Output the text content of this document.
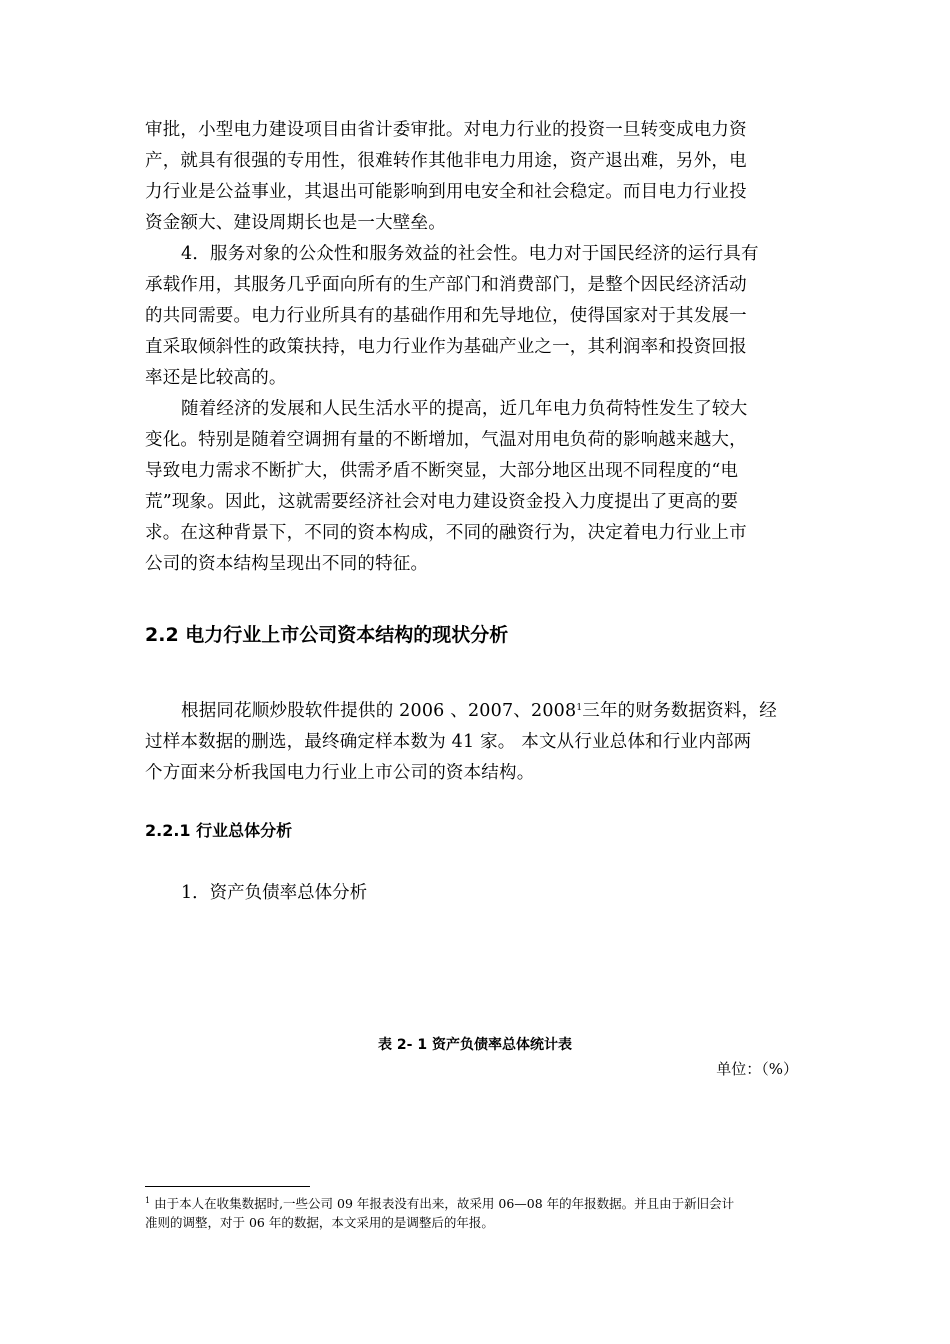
审批，小型电力建设项目由省计委审批。对电力行业的投资一旦转变成电力资
产，就具有很强的专用性，很难转作其他非电力用途，资产退出难，另外，电
力行业是公益事业，其退出可能影响到用电安全和社会稳定。而目电力行业投
资金额大、建设周期长也是一大壁垒。
4．服务对象的公众性和服务效益的社会性。电力对于国民经济的运行具有
承载作用，其服务几乎面向所有的生产部门和消费部门，是整个因民经济活动
的共同需要。电力行业所具有的基础作用和先导地位，使得国家对于其发展一
直采取倾斜性的政策扶持，电力行业作为基础产业之一，其利润率和投资回报
率还是比较高的。
随着经济的发展和人民生活水平的提高，近几年电力负荷特性发生了较大
变化。特别是随着空调拥有量的不断增加，气温对用电负荷的影响越来越大，
导致电力需求不断扩大，供需矛盾不断突显，大部分地区出现不同程度的“电
荒”现象。因此，这就需要经济社会对电力建设资金投入力度提出了更高的要
求。在这种背景下，不同的资本构成，不同的融资行为，决定着电力行业上市
公司的资本结构呈现出不同的特征。
2.2 电力行业上市公司资本结构的现状分析
根据同花顺炒股软件提供的 2006 、2007、2008$^1$三年的财务数据资料，经
过样本数据的删选，最终确定样本数为 41 家。 本文从行业总体和行业内部两
个方面来分析我国电力行业上市公司的资本结构。
2.2.1 行业总体分析

1．资产负债率总体分析

表 2- 1 资产负债率总体统计表

单位：（%）

$^1$ 由于本人在收集数据时,一些公司 09 年报表没有出来，故采用 06—08 年的年报数据。并且由于新旧会计
准则的调整，对于 06 年的数据，本文采用的是调整后的年报。
